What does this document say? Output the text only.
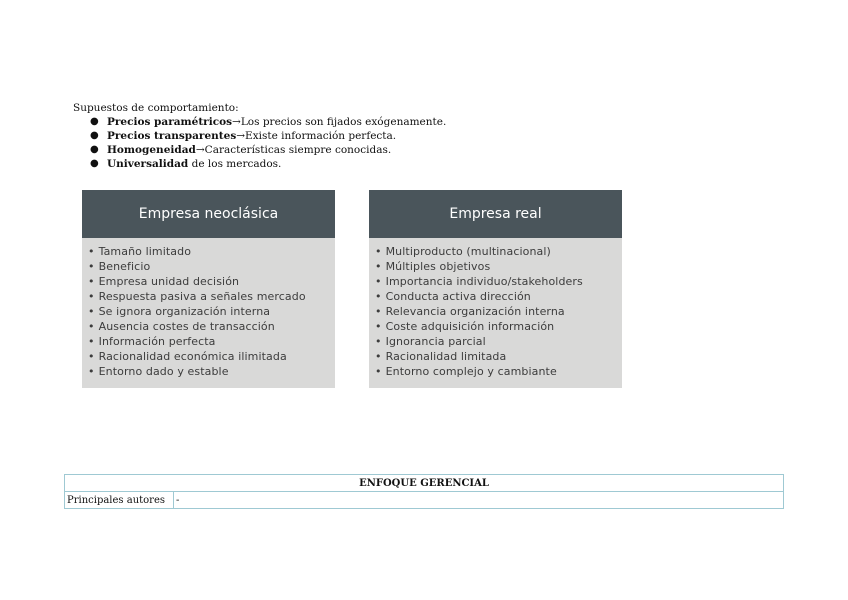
Supuestos de comportamiento:
● Precios paramétricos→Los precios son fijados exógenamente.
● Precios transparentes→Existe información perfecta.
● Homogeneidad→Características siempre conocidas.
● Universalidad de los mercados.
Empresa neoclásica
• Tamaño limitado
• Beneficio
• Empresa unidad decisión
• Respuesta pasiva a señales mercado
• Se ignora organización interna
• Ausencia costes de transacción
• Información perfecta
• Racionalidad económica ilimitada
• Entorno dado y estable
Empresa real
• Multiproducto (multinacional)
• Múltiples objetivos
• Importancia individuo/stakeholders
• Conducta activa dirección
• Relevancia organización interna
• Coste adquisición información
• Ignorancia parcial
• Racionalidad limitada
• Entorno complejo y cambiante
ENFOQUE GERENCIAL
Principales autores	-
